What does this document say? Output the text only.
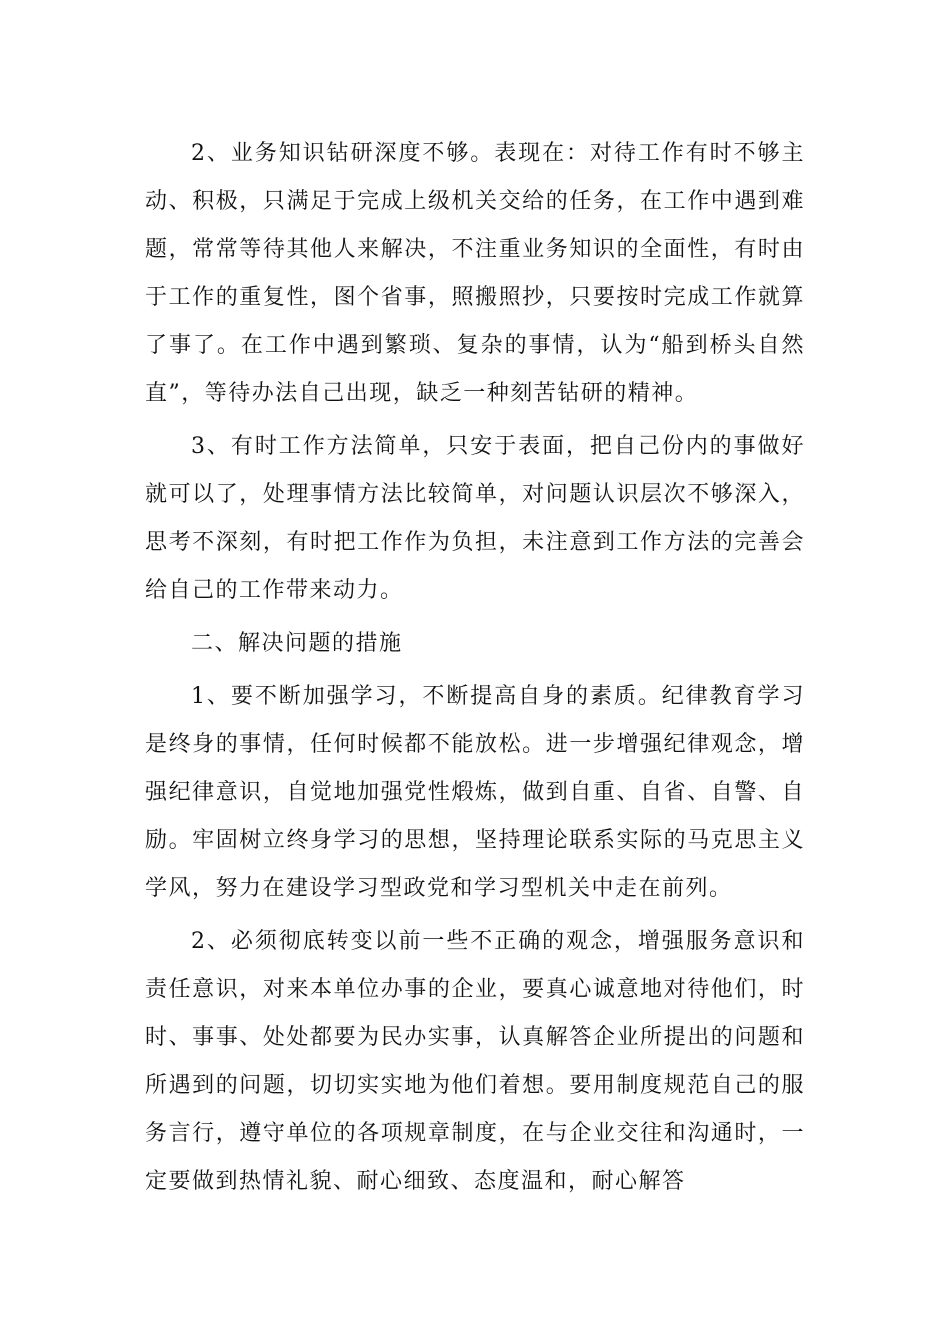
2、业务知识钻研深度不够。表现在：对待工作有时不够主动、积极，只满足于完成上级机关交给的任务，在工作中遇到难题，常常等待其他人来解决，不注重业务知识的全面性，有时由于工作的重复性，图个省事，照搬照抄，只要按时完成工作就算了事了。在工作中遇到繁琐、复杂的事情，认为“船到桥头自然直”，等待办法自己出现，缺乏一种刻苦钻研的精神。

3、有时工作方法简单，只安于表面，把自己份内的事做好就可以了，处理事情方法比较简单，对问题认识层次不够深入，思考不深刻，有时把工作作为负担，未注意到工作方法的完善会给自己的工作带来动力。

二、解决问题的措施

1、要不断加强学习，不断提高自身的素质。纪律教育学习是终身的事情，任何时候都不能放松。进一步增强纪律观念，增强纪律意识，自觉地加强党性煅炼，做到自重、自省、自警、自励。牢固树立终身学习的思想，坚持理论联系实际的马克思主义学风，努力在建设学习型政党和学习型机关中走在前列。

2、必须彻底转变以前一些不正确的观念，增强服务意识和责任意识，对来本单位办事的企业，要真心诚意地对待他们，时时、事事、处处都要为民办实事，认真解答企业所提出的问题和所遇到的问题，切切实实地为他们着想。要用制度规范自己的服务言行，遵守单位的各项规章制度，在与企业交往和沟通时，一定要做到热情礼貌、耐心细致、态度温和，耐心解答
